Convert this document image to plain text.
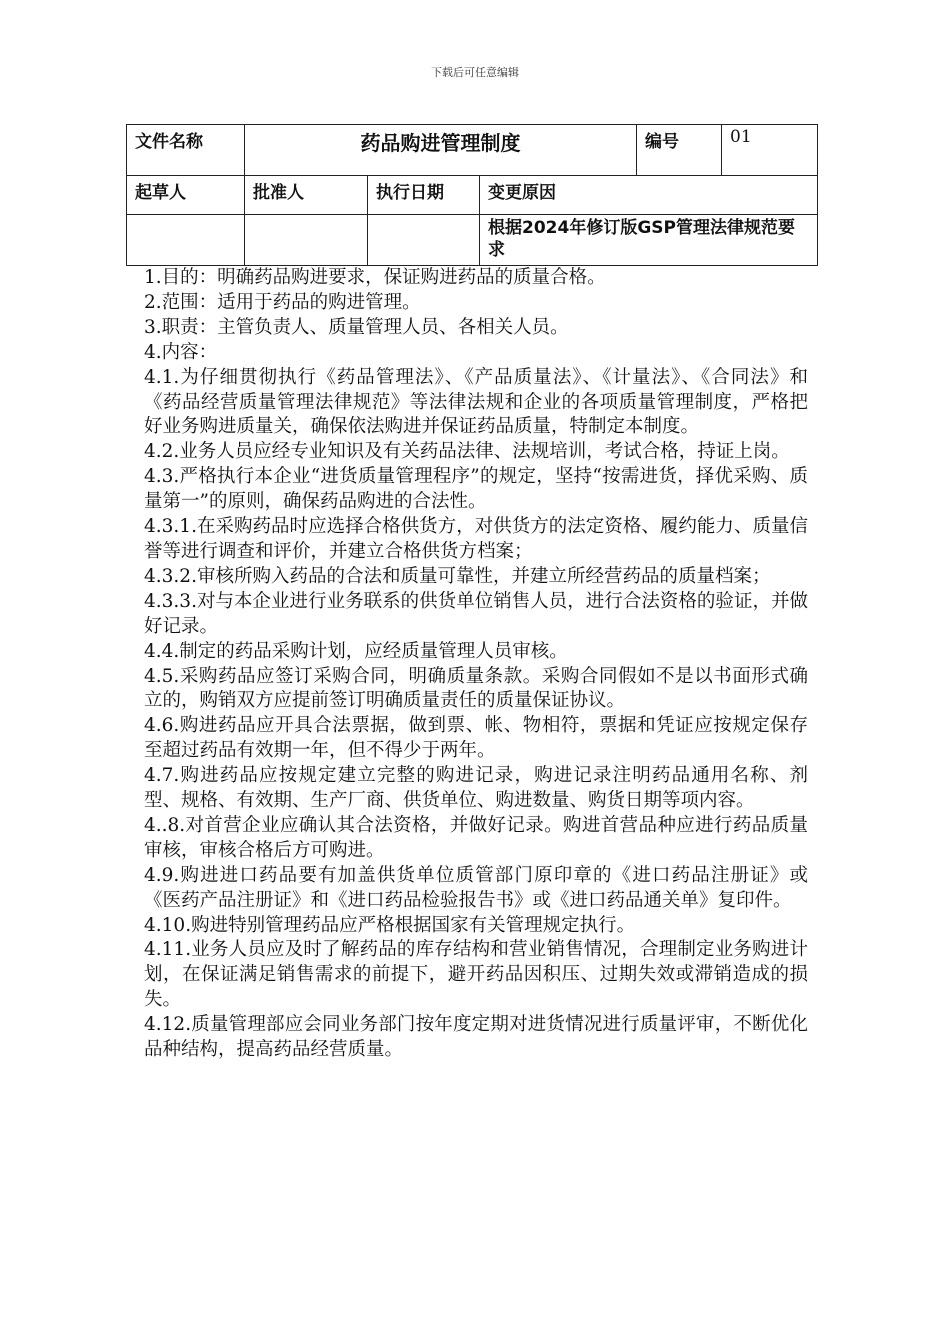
下载后可任意编辑
文件名称	药品购进管理制度			编号	01
起草人	批准人	执行日期	变更原因		
			根据2024年修订版GSP管理法律规范要求		

1.目的：明确药品购进要求，保证购进药品的质量合格。

2.范围：适用于药品的购进管理。

3.职责：主管负责人、质量管理人员、各相关人员。

4.内容：

4.1.为仔细贯彻执行《药品管理法》、《产品质量法》、《计量法》、《合同法》和《药品经营质量管理法律规范》等法律法规和企业的各项质量管理制度，严格把好业务购进质量关，确保依法购进并保证药品质量，特制定本制度。

4.2.业务人员应经专业知识及有关药品法律、法规培训，考试合格，持证上岗。

4.3.严格执行本企业“进货质量管理程序”的规定，坚持“按需进货，择优采购、质量第一”的原则，确保药品购进的合法性。

4.3.1.在采购药品时应选择合格供货方，对供货方的法定资格、履约能力、质量信誉等进行调查和评价，并建立合格供货方档案；

4.3.2.审核所购入药品的合法和质量可靠性，并建立所经营药品的质量档案；

4.3.3.对与本企业进行业务联系的供货单位销售人员，进行合法资格的验证，并做好记录。

4.4.制定的药品采购计划，应经质量管理人员审核。

4.5.采购药品应签订采购合同，明确质量条款。采购合同假如不是以书面形式确立的，购销双方应提前签订明确质量责任的质量保证协议。

4.6.购进药品应开具合法票据，做到票、帐、物相符，票据和凭证应按规定保存至超过药品有效期一年，但不得少于两年。

4.7.购进药品应按规定建立完整的购进记录，购进记录注明药品通用名称、剂型、规格、有效期、生产厂商、供货单位、购进数量、购货日期等项内容。

4..8.对首营企业应确认其合法资格，并做好记录。购进首营品种应进行药品质量审核，审核合格后方可购进。

4.9.购进进口药品要有加盖供货单位质管部门原印章的《进口药品注册证》或《医药产品注册证》和《进口药品检验报告书》或《进口药品通关单》复印件。

4.10.购进特别管理药品应严格根据国家有关管理规定执行。

4.11.业务人员应及时了解药品的库存结构和营业销售情况，合理制定业务购进计划，在保证满足销售需求的前提下，避开药品因积压、过期失效或滞销造成的损失。

4.12.质量管理部应会同业务部门按年度定期对进货情况进行质量评审，不断优化品种结构，提高药品经营质量。
